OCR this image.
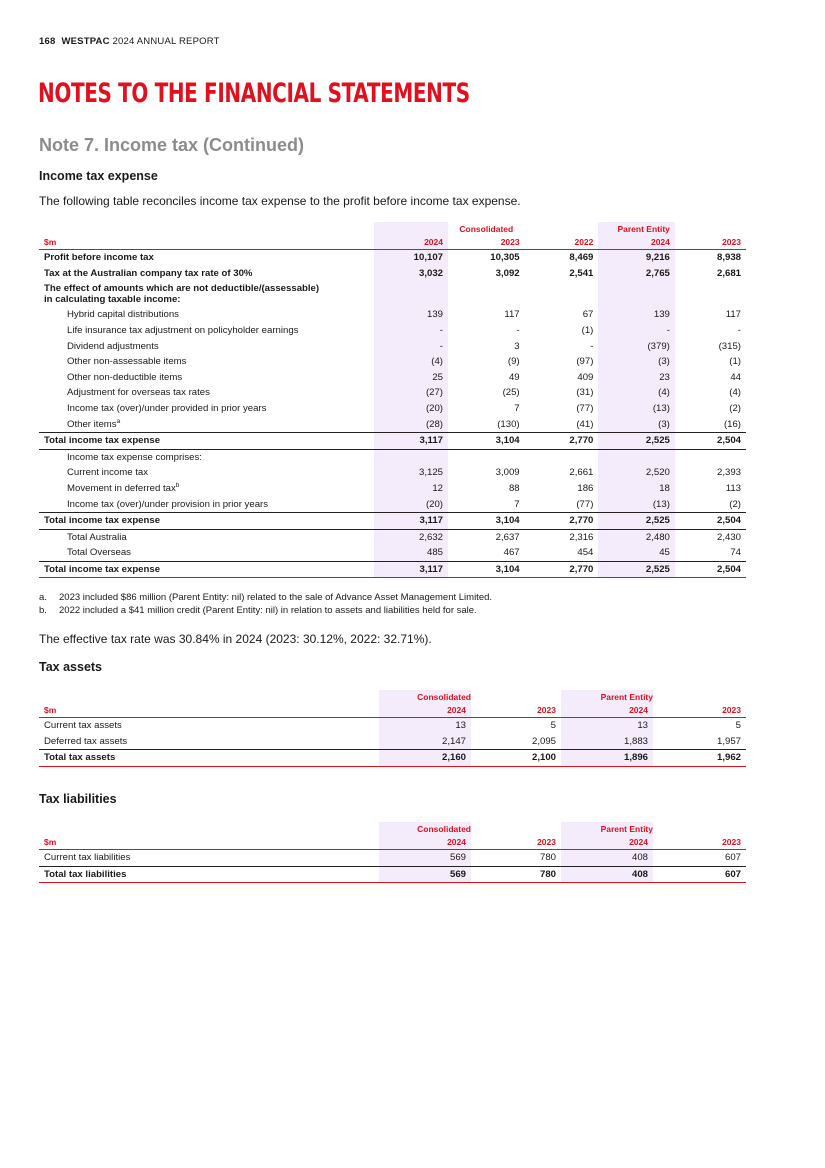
168 WESTPAC 2024 ANNUAL REPORT
NOTES TO THE FINANCIAL STATEMENTS
Note 7. Income tax (Continued)
Income tax expense
The following table reconciles income tax expense to the profit before income tax expense.
		Consolidated		Parent Entity	
$m	2024	2023	2022	2024	2023
Profit before income tax	10,107	10,305	8,469	9,216	8,938
Tax at the Australian company tax rate of 30%	3,032	3,092	2,541	2,765	2,681
The effect of amounts which are not deductible/(assessable)
in calculating taxable income:					
Hybrid capital distributions	139	117	67	139	117
Life insurance tax adjustment on policyholder earnings	-	-	(1)	-	-
Dividend adjustments	-	3	-	(379)	(315)
Other non-assessable items	(4)	(9)	(97)	(3)	(1)
Other non-deductible items	25	49	409	23	44
Adjustment for overseas tax rates	(27)	(25)	(31)	(4)	(4)
Income tax (over)/under provided in prior years	(20)	7	(77)	(13)	(2)
Other items$^a$	(28)	(130)	(41)	(3)	(16)
Total income tax expense	3,117	3,104	2,770	2,525	2,504
Income tax expense comprises:					
Current income tax	3,125	3,009	2,661	2,520	2,393
Movement in deferred tax$^b$	12	88	186	18	113
Income tax (over)/under provision in prior years	(20)	7	(77)	(13)	(2)
Total income tax expense	3,117	3,104	2,770	2,525	2,504
Total Australia	2,632	2,637	2,316	2,480	2,430
Total Overseas	485	467	454	45	74
Total income tax expense	3,117	3,104	2,770	2,525	2,504
a. 2023 included $86 million (Parent Entity: nil) related to the sale of Advance Asset Management Limited.
b. 2022 included a $41 million credit (Parent Entity: nil) in relation to assets and liabilities held for sale.
The effective tax rate was 30.84% in 2024 (2023: 30.12%, 2022: 32.71%).
Tax assets
	Consolidated		Parent Entity	
$m	2024	2023	2024	2023
Current tax assets	13	5	13	5
Deferred tax assets	2,147	2,095	1,883	1,957
Total tax assets	2,160	2,100	1,896	1,962
Tax liabilities
	Consolidated		Parent Entity	
$m	2024	2023	2024	2023
Current tax liabilities	569	780	408	607
Total tax liabilities	569	780	408	607
